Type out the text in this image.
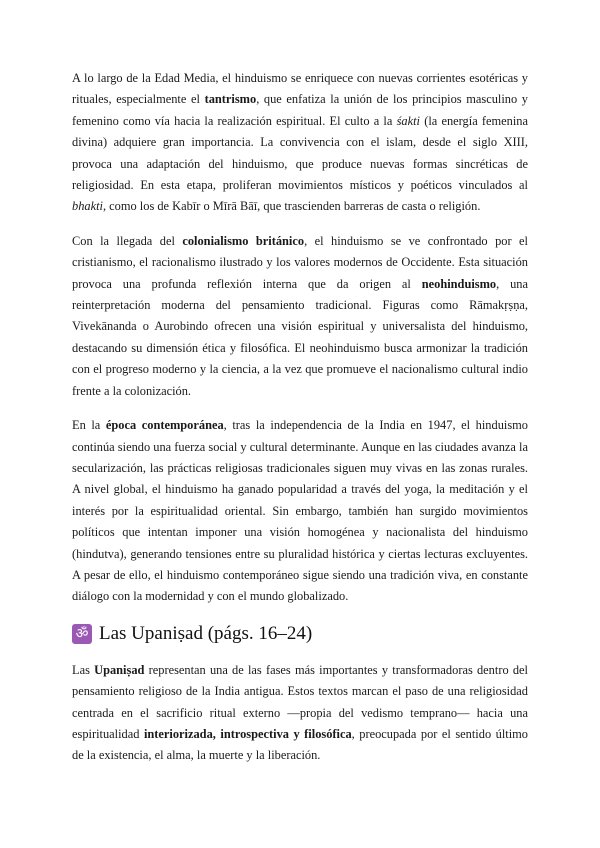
A lo largo de la Edad Media, el hinduismo se enriquece con nuevas corrientes esotéricas y rituales, especialmente el tantrismo, que enfatiza la unión de los principios masculino y femenino como vía hacia la realización espiritual. El culto a la śakti (la energía femenina divina) adquiere gran importancia. La convivencia con el islam, desde el siglo XIII, provoca una adaptación del hinduismo, que produce nuevas formas sincréticas de religiosidad. En esta etapa, proliferan movimientos místicos y poéticos vinculados al bhakti, como los de Kabīr o Mīrā Bāī, que trascienden barreras de casta o religión.

Con la llegada del colonialismo británico, el hinduismo se ve confrontado por el cristianismo, el racionalismo ilustrado y los valores modernos de Occidente. Esta situación provoca una profunda reflexión interna que da origen al neohinduismo, una reinterpretación moderna del pensamiento tradicional. Figuras como Rāmakṛṣṇa, Vivekānanda o Aurobindo ofrecen una visión espiritual y universalista del hinduismo, destacando su dimensión ética y filosófica. El neohinduismo busca armonizar la tradición con el progreso moderno y la ciencia, a la vez que promueve el nacionalismo cultural indio frente a la colonización.

En la época contemporánea, tras la independencia de la India en 1947, el hinduismo continúa siendo una fuerza social y cultural determinante. Aunque en las ciudades avanza la secularización, las prácticas religiosas tradicionales siguen muy vivas en las zonas rurales. A nivel global, el hinduismo ha ganado popularidad a través del yoga, la meditación y el interés por la espiritualidad oriental. Sin embargo, también han surgido movimientos políticos que intentan imponer una visión homogénea y nacionalista del hinduismo (hindutva), generando tensiones entre su pluralidad histórica y ciertas lecturas excluyentes. A pesar de ello, el hinduismo contemporáneo sigue siendo una tradición viva, en constante diálogo con la modernidad y con el mundo globalizado.

ॐ Las Upaniṣad (págs. 16–24)

Las Upaniṣad representan una de las fases más importantes y transformadoras dentro del pensamiento religioso de la India antigua. Estos textos marcan el paso de una religiosidad centrada en el sacrificio ritual externo —propia del vedismo temprano— hacia una espiritualidad interiorizada, introspectiva y filosófica, preocupada por el sentido último de la existencia, el alma, la muerte y la liberación.
